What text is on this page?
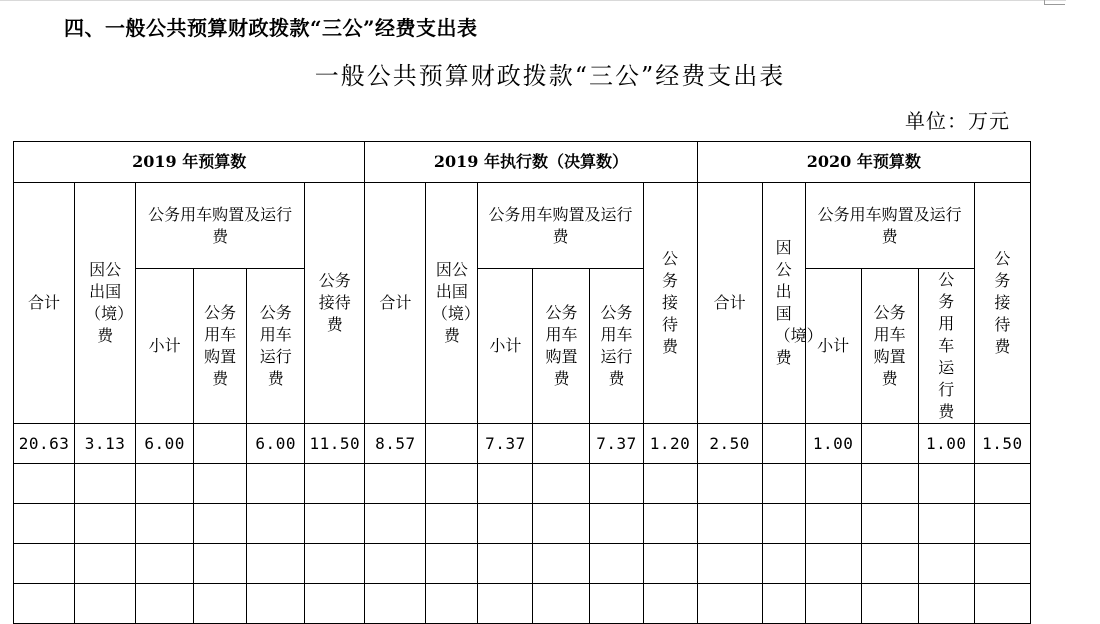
四、一般公共预算财政拨款“三公”经费支出表
一般公共预算财政拨款“三公”经费支出表
单位：万元
2019 年预算数						2019 年执行数（决算数）						2020 年预算数					
合计	因公出国（境）费	公务用车购置及运行费			公务接待费	合计	因公出国（境）费	公务用车购置及运行费			公务接待费	合计	因公出国（境）费	公务用车购置及运行费			公务接待费
		小计	公务用车购置费	公务用车运行费				小计	公务用车购置费	公务用车运行费				小计	公务用车购置费	公务用车运行费	
20.63	3.13	6.00		6.00	11.50	8.57		7.37		7.37	1.20	2.50		1.00		1.00	1.50
